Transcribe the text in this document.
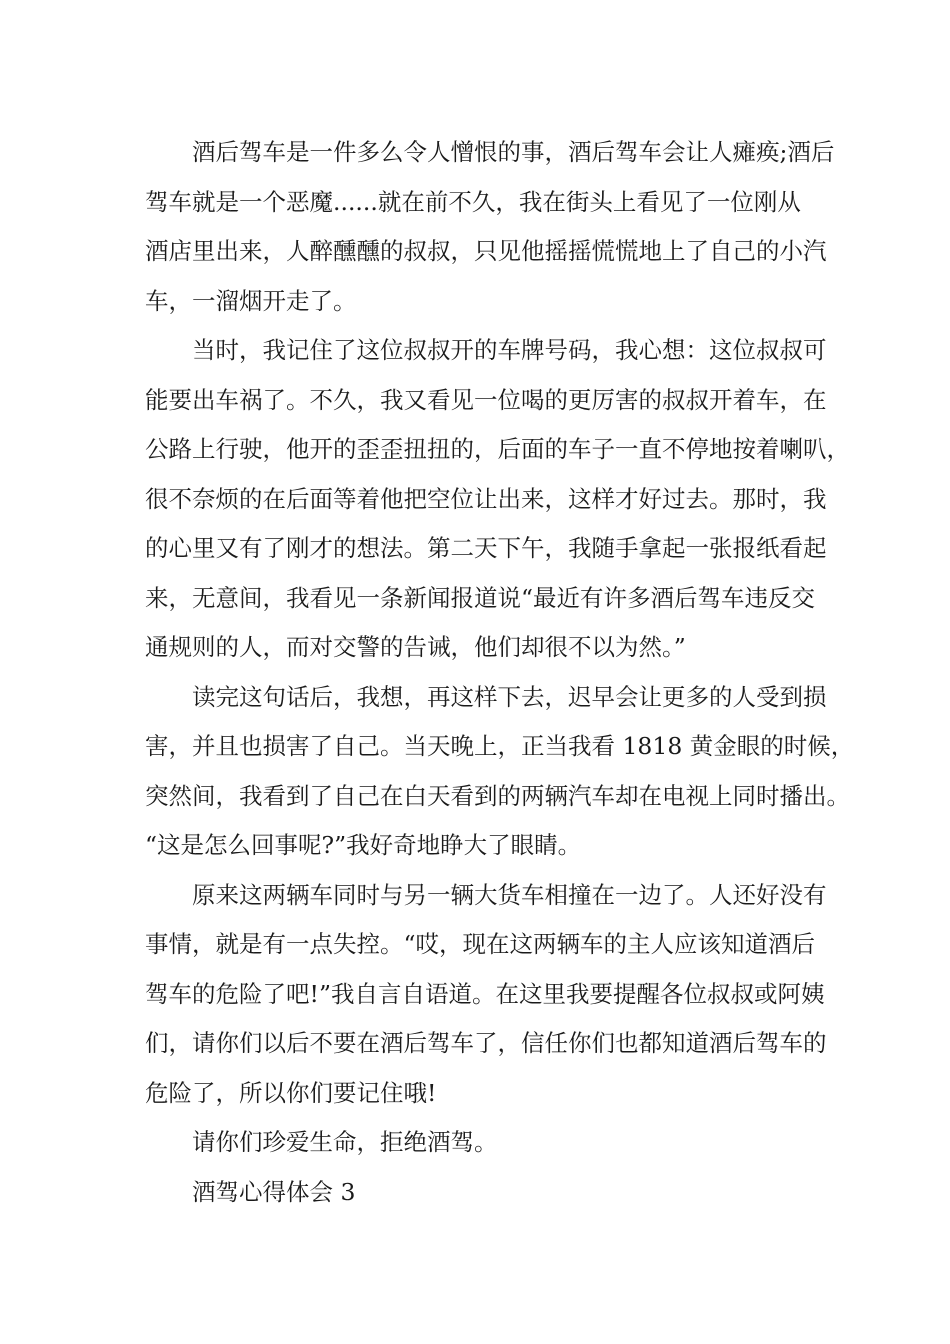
酒后驾车是一件多么令人憎恨的事，酒后驾车会让人瘫痪;酒后
驾车就是一个恶魔......就在前不久，我在街头上看见了一位刚从
酒店里出来，人醉醺醺的叔叔，只见他摇摇慌慌地上了自己的小汽
车，一溜烟开走了。
当时，我记住了这位叔叔开的车牌号码，我心想：这位叔叔可
能要出车祸了。不久，我又看见一位喝的更厉害的叔叔开着车，在
公路上行驶，他开的歪歪扭扭的，后面的车子一直不停地按着喇叭，
很不奈烦的在后面等着他把空位让出来，这样才好过去。那时，我
的心里又有了刚才的想法。第二天下午，我随手拿起一张报纸看起
来，无意间，我看见一条新闻报道说“最近有许多酒后驾车违反交
通规则的人，而对交警的告诫，他们却很不以为然。”
读完这句话后，我想，再这样下去，迟早会让更多的人受到损
害，并且也损害了自己。当天晚上，正当我看 1818 黄金眼的时候，
突然间，我看到了自己在白天看到的两辆汽车却在电视上同时播出。
“这是怎么回事呢?”我好奇地睁大了眼睛。
原来这两辆车同时与另一辆大货车相撞在一边了。人还好没有
事情，就是有一点失控。“哎，现在这两辆车的主人应该知道酒后
驾车的危险了吧!”我自言自语道。在这里我要提醒各位叔叔或阿姨
们，请你们以后不要在酒后驾车了，信任你们也都知道酒后驾车的
危险了，所以你们要记住哦!
请你们珍爱生命，拒绝酒驾。
酒驾心得体会 3
